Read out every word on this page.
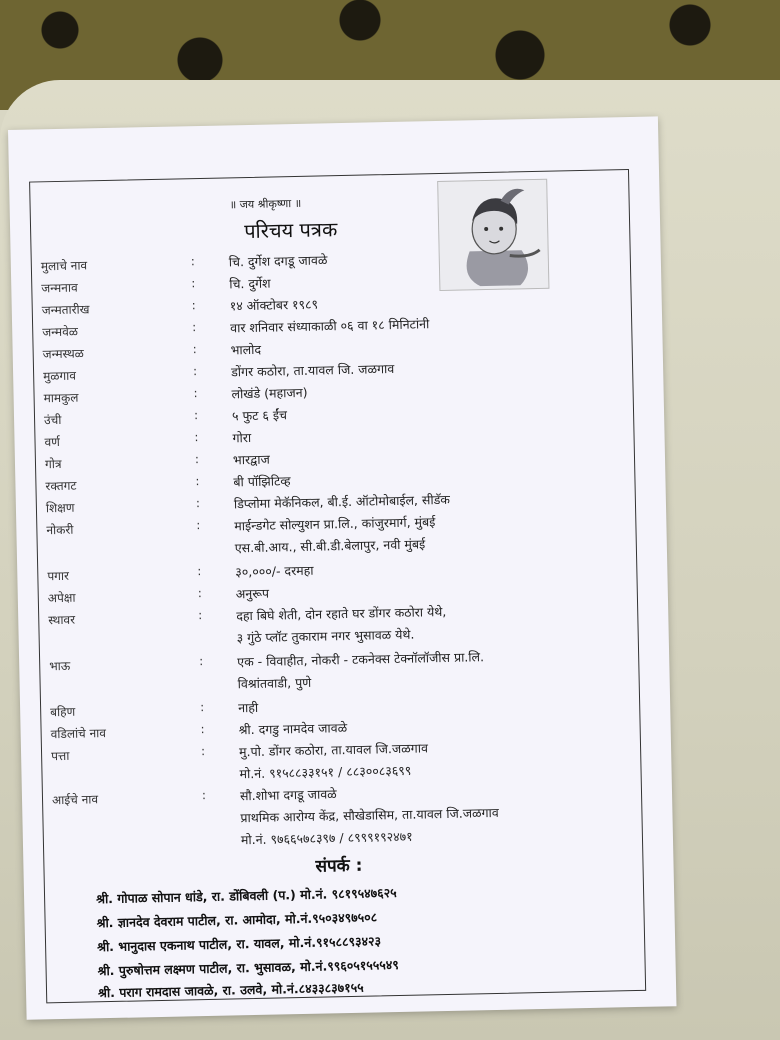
॥ जय श्रीकृष्णा ॥
परिचय पत्रक
मुलाचे नाव	:	चि. दुर्गेश दगडू जावळे
जन्मनाव	:	चि. दुर्गेश
जन्मतारीख	:	१४ ऑक्टोबर १९८९
जन्मवेळ	:	वार शनिवार संध्याकाळी ०६ वा १८ मिनिटांनी
जन्मस्थळ	:	भालोद
मुळगाव	:	डोंगर कठोरा, ता.यावल जि. जळगाव
मामकुल	:	लोखंडे (महाजन)
उंची	:	५ फुट ६ ईंच
वर्ण	:	गोरा
गोत्र	:	भारद्वाज
रक्तगट	:	बी पॉझिटिव्ह
शिक्षण	:	डिप्लोमा मेकॅनिकल, बी.ई. ऑटोमोबाईल, सीडॅक
नोकरी	:	माईन्डगेट सोल्युशन प्रा.लि., कांजुरमार्ग, मुंबई
एस.बी.आय., सी.बी.डी.बेलापुर, नवी मुंबई
पगार	:	३०,०००/- दरमहा
अपेक्षा	:	अनुरूप
स्थावर	:	दहा बिघे शेती, दोन रहाते घर डोंगर कठोरा येथे,
३ गुंठे प्लॉट तुकाराम नगर भुसावळ येथे.
भाऊ	:	एक - विवाहीत, नोकरी - टकनेक्स टेक्नॉलॉजीस प्रा.लि.
विश्रांतवाडी, पुणे
बहिण	:	नाही
वडिलांचे नाव	:	श्री. दगडु नामदेव जावळे
पत्ता	:	मु.पो. डोंगर कठोरा, ता.यावल जि.जळगाव
मो.नं. ९१५८८३३१५१ / ८८३००८३६९९
आईचे नाव	:	सौ.शोभा दगडू जावळे
प्राथमिक आरोग्य केंद्र, सौखेडासिम, ता.यावल जि.जळगाव
मो.नं. ९७६६५७८३९७ / ८९९९१९२४७१
संपर्क :
श्री. गोपाळ सोपान धांडे, रा. डोंबिवली (प.) मो.नं. ९८१९५४७६२५
श्री. ज्ञानदेव देवराम पाटील, रा. आमोदा, मो.नं.९५०३४९७५०८
श्री. भानुदास एकनाथ पाटील, रा. यावल, मो.नं.९१५८८९३४२३
श्री. पुरुषोत्तम लक्ष्मण पाटील, रा. भुसावळ, मो.नं.९९६०५१५५५४९
श्री. पराग रामदास जावळे, रा. उलवे, मो.नं.८४३३८३७१५५
